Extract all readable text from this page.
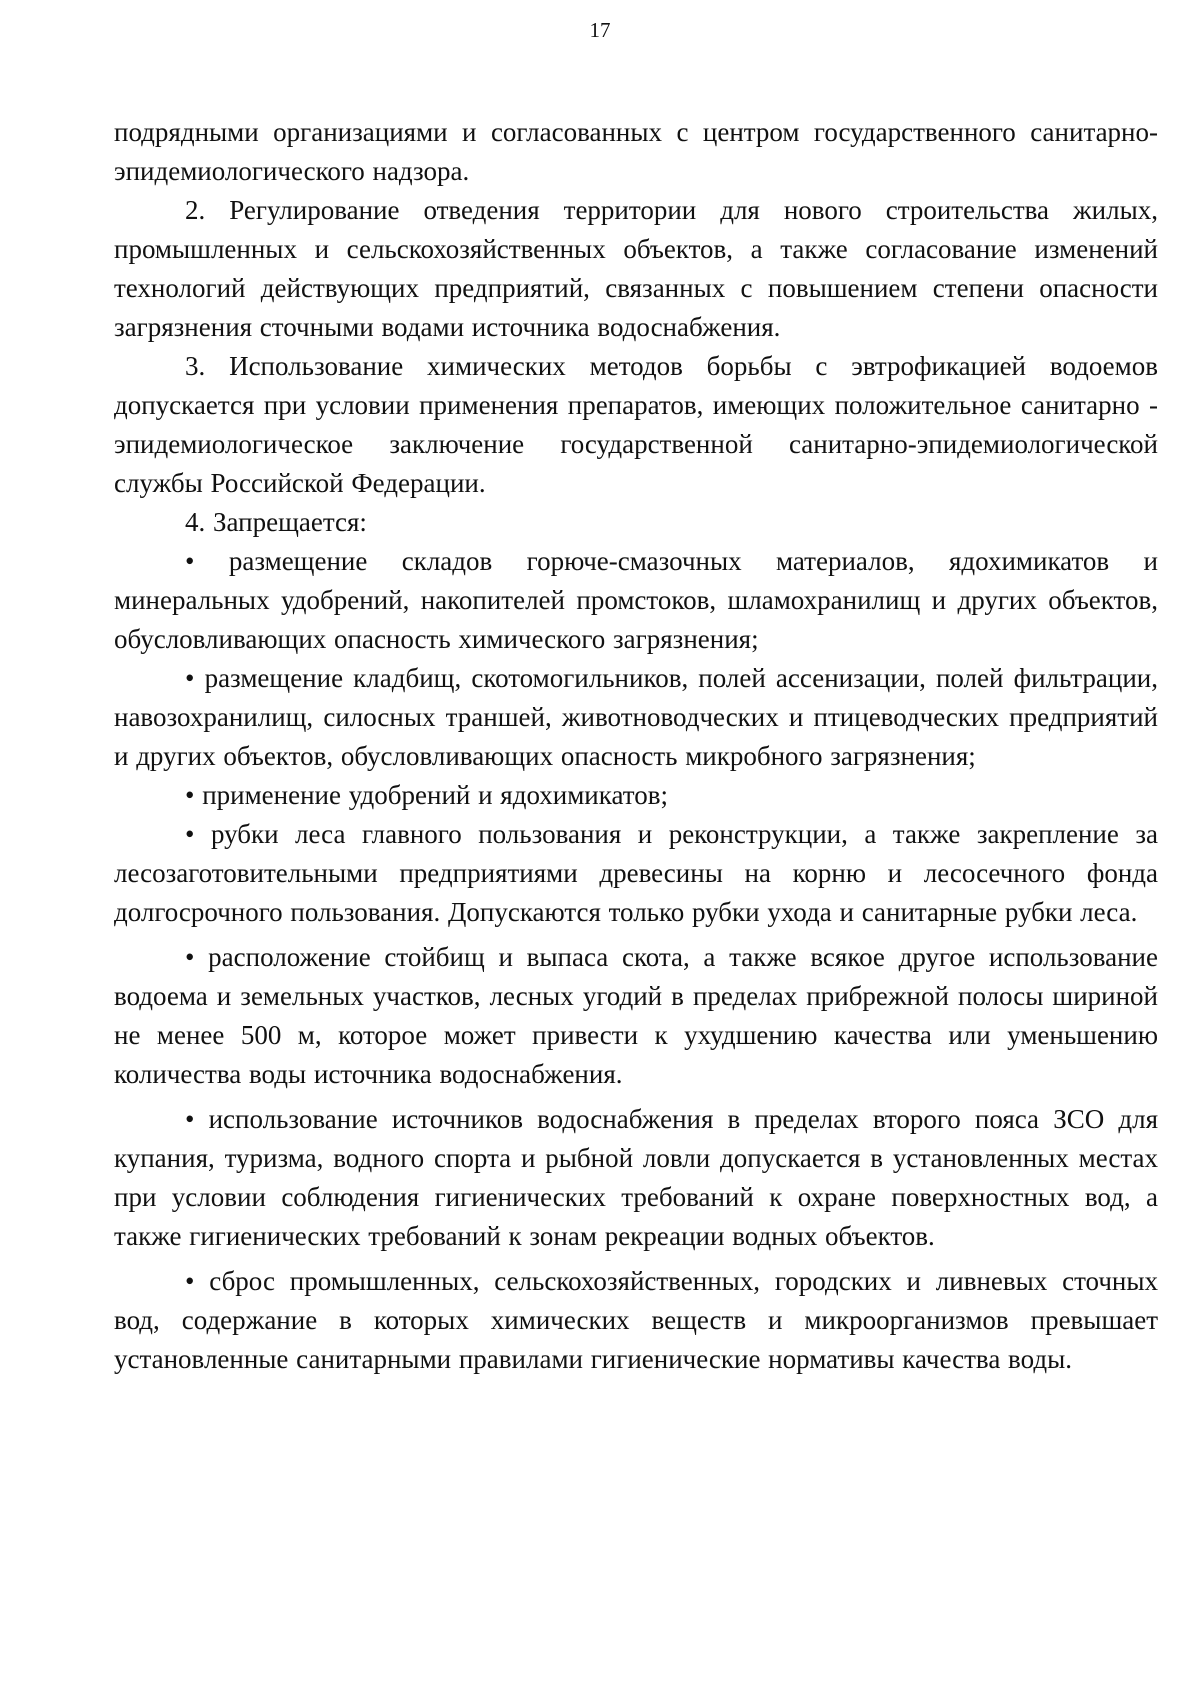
17

подрядными организациями и согласованных с центром государственного санитарно-эпидемиологического надзора.

2. Регулирование отведения территории для нового строительства жилых, промышленных и сельскохозяйственных объектов, а также согласование изменений технологий действующих предприятий, связанных с повышением степени опасности загрязнения сточными водами источника водоснабжения.

3. Использование химических методов борьбы с эвтрофикацией водоемов допускается при условии применения препаратов, имеющих положительное санитарно - эпидемиологическое заключение государственной санитарно-эпидемиологической службы Российской Федерации.

4. Запрещается:

• размещение складов горюче-смазочных материалов, ядохимикатов и минеральных удобрений, накопителей промстоков, шламохранилищ и других объектов, обусловливающих опасность химического загрязнения;

• размещение кладбищ, скотомогильников, полей ассенизации, полей фильтрации, навозохранилищ, силосных траншей, животноводческих и птицеводческих предприятий и других объектов, обусловливающих опасность микробного загрязнения;

• применение удобрений и ядохимикатов;

• рубки леса главного пользования и реконструкции, а также закрепление за лесозаготовительными предприятиями древесины на корню и лесосечного фонда долгосрочного пользования. Допускаются только рубки ухода и санитарные рубки леса.

• расположение стойбищ и выпаса скота, а также всякое другое использование водоема и земельных участков, лесных угодий в пределах прибрежной полосы шириной не менее 500 м, которое может привести к ухудшению качества или уменьшению количества воды источника водоснабжения.

• использование источников водоснабжения в пределах второго пояса ЗСО для купания, туризма, водного спорта и рыбной ловли допускается в установленных местах при условии соблюдения гигиенических требований к охране поверхностных вод, а также гигиенических требований к зонам рекреации водных объектов.

• сброс промышленных, сельскохозяйственных, городских и ливневых сточных вод, содержание в которых химических веществ и микроорганизмов превышает установленные санитарными правилами гигиенические нормативы качества воды.
